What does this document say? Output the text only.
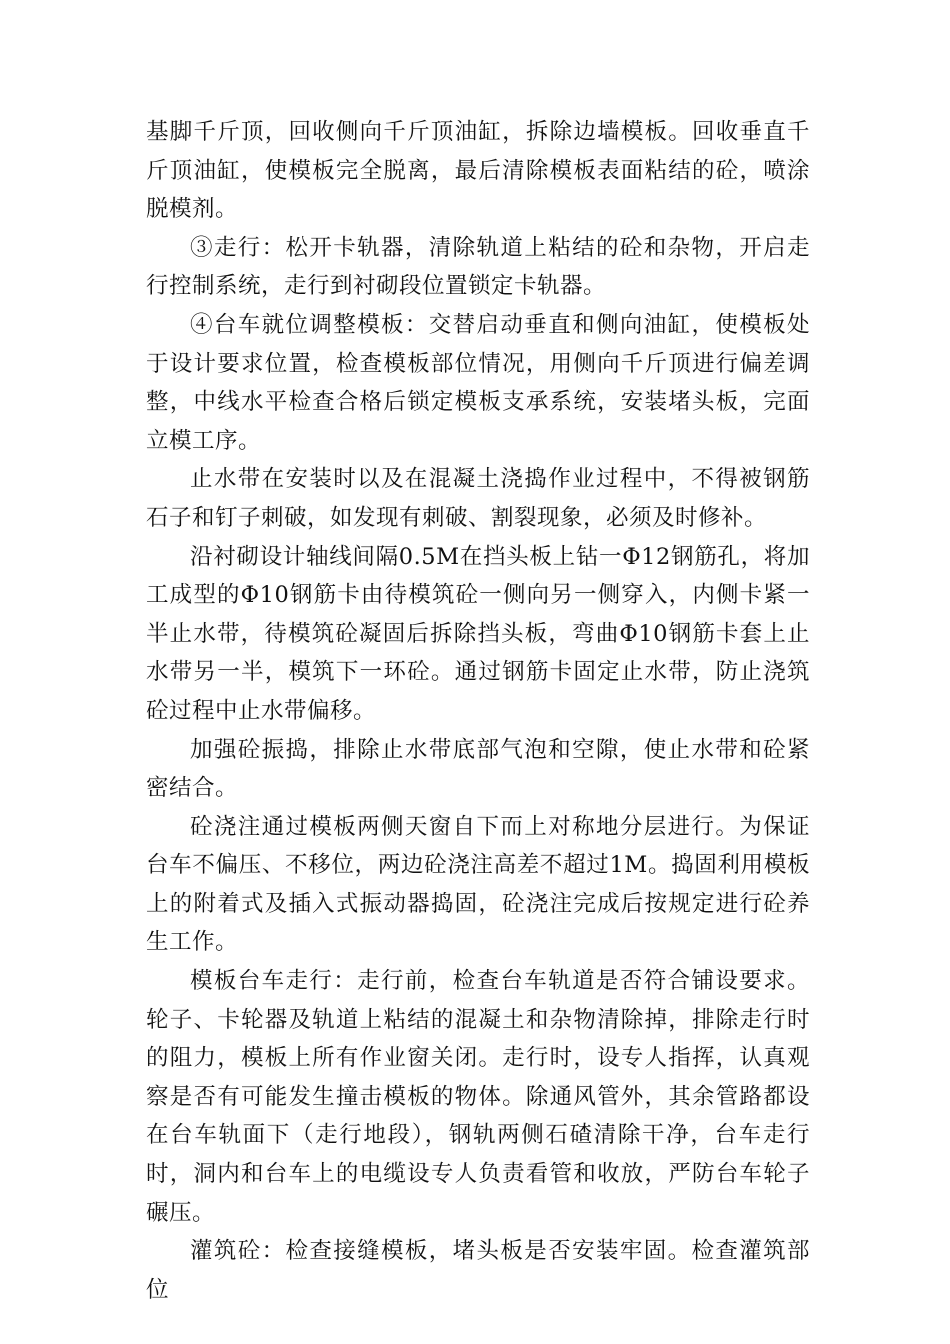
基脚千斤顶，回收侧向千斤顶油缸，拆除边墙模板。回收垂直千斤顶油缸，使模板完全脱离，最后清除模板表面粘结的砼，喷涂脱模剂。

③走行：松开卡轨器，清除轨道上粘结的砼和杂物，开启走行控制系统，走行到衬砌段位置锁定卡轨器。

④台车就位调整模板：交替启动垂直和侧向油缸，使模板处于设计要求位置，检查模板部位情况，用侧向千斤顶进行偏差调整，中线水平检查合格后锁定模板支承系统，安装堵头板，完面立模工序。

止水带在安装时以及在混凝土浇捣作业过程中，不得被钢筋石子和钉子刺破，如发现有刺破、割裂现象，必须及时修补。

沿衬砌设计轴线间隔0.5M在挡头板上钻一Φ12钢筋孔，将加工成型的Φ10钢筋卡由待模筑砼一侧向另一侧穿入，内侧卡紧一半止水带，待模筑砼凝固后拆除挡头板，弯曲Φ10钢筋卡套上止水带另一半，模筑下一环砼。通过钢筋卡固定止水带，防止浇筑砼过程中止水带偏移。

加强砼振捣，排除止水带底部气泡和空隙，使止水带和砼紧密结合。

砼浇注通过模板两侧天窗自下而上对称地分层进行。为保证台车不偏压、不移位，两边砼浇注高差不超过1M。捣固利用模板上的附着式及插入式振动器捣固，砼浇注完成后按规定进行砼养生工作。

模板台车走行：走行前，检查台车轨道是否符合铺设要求。轮子、卡轮器及轨道上粘结的混凝土和杂物清除掉，排除走行时的阻力，模板上所有作业窗关闭。走行时，设专人指挥，认真观察是否有可能发生撞击模板的物体。除通风管外，其余管路都设在台车轨面下（走行地段），钢轨两侧石碴清除干净，台车走行时，洞内和台车上的电缆设专人负责看管和收放，严防台车轮子碾压。

灌筑砼：检查接缝模板，堵头板是否安装牢固。检查灌筑部位
